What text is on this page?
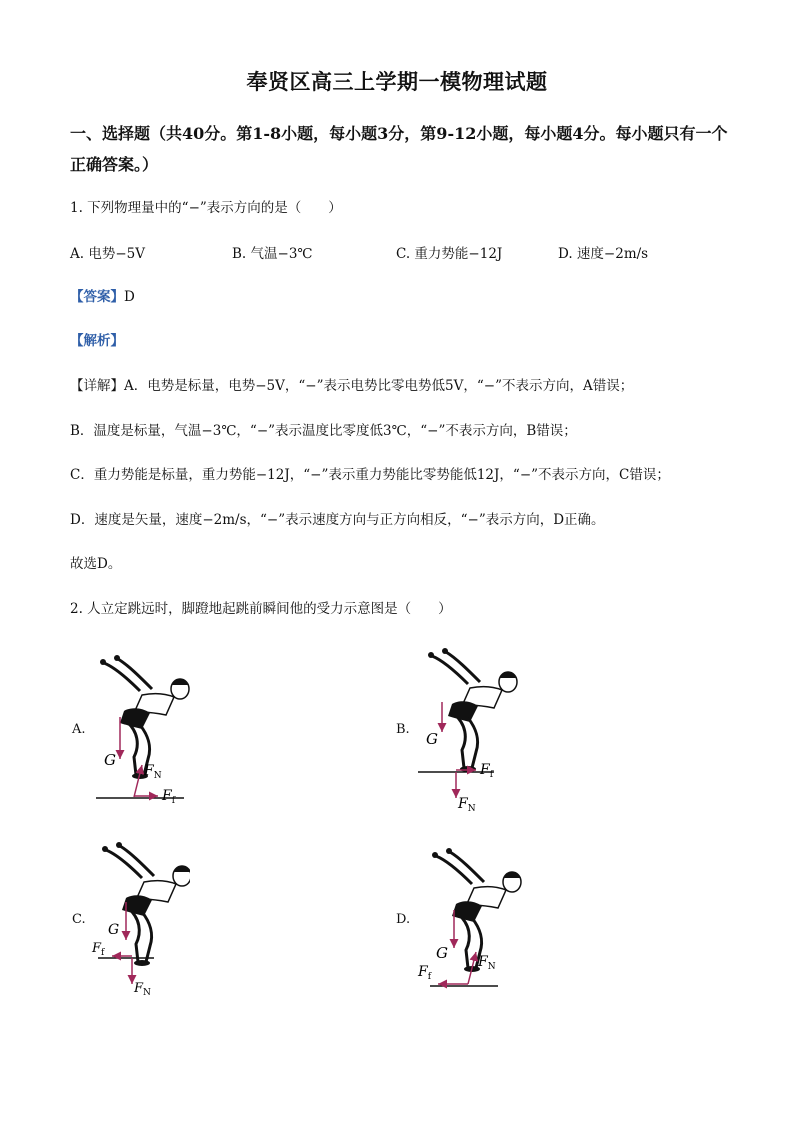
奉贤区高三上学期一模物理试题
一、选择题（共40分。第1-8小题，每小题3分，第9-12小题，每小题4分。每小题只有一个正确答案。）
1. 下列物理量中的“−”表示方向的是（　　）
A. 电势−5V	B. 气温−3℃	C. 重力势能−12J	D. 速度−2m/s
【答案】D
【解析】
【详解】A．电势是标量，电势−5V，“−”表示电势比零电势低5V，“−”不表示方向，A错误；
B．温度是标量，气温−3℃，“−”表示温度比零度低3℃，“−”不表示方向，B错误；
C．重力势能是标量，重力势能−12J，“−”表示重力势能比零势能低12J，“−”不表示方向，C错误；
D．速度是矢量，速度−2m/s，“−”表示速度方向与正方向相反，“−”表示方向，D正确。
故选D。
2. 人立定跳远时，脚蹬地起跳前瞬间他的受力示意图是（　　）
A.	B.
C.	D.
G
$F_N$
$F_f$
G
$F_f$
$F_N$
G
$F_f$
$F_N$
G $F_N$
$F_f$
